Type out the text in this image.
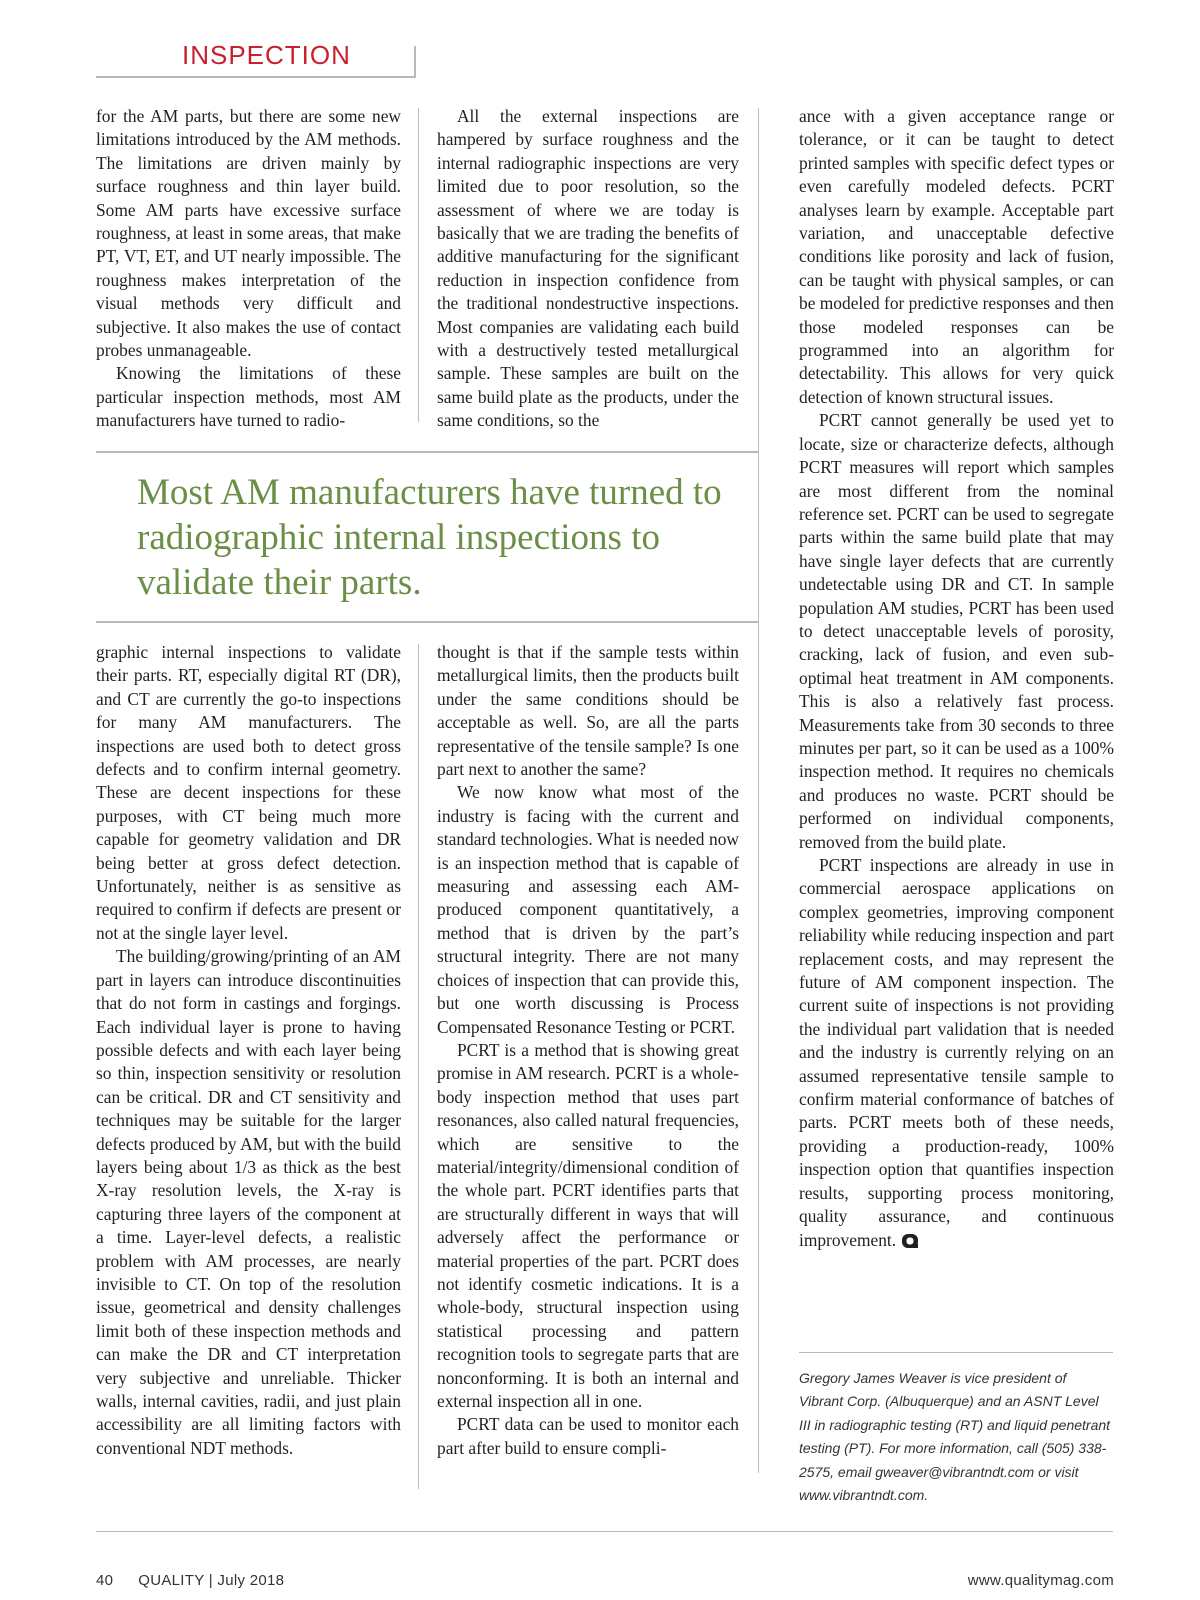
INSPECTION

for the AM parts, but there are some new limitations introduced by the AM methods. The limitations are driven mainly by surface roughness and thin layer build. Some AM parts have excessive surface roughness, at least in some areas, that make PT, VT, ET, and UT nearly impossible. The roughness makes interpretation of the visual methods very difficult and subjective. It also makes the use of contact probes unmanageable.

Knowing the limitations of these particular inspection methods, most AM manufacturers have turned to radio-

All the external inspections are hampered by surface roughness and the internal radiographic inspections are very limited due to poor resolution, so the assessment of where we are today is basically that we are trading the benefits of additive manufacturing for the significant reduction in inspection confidence from the traditional nondestructive inspections. Most companies are validating each build with a destructively tested metallurgical sample. These samples are built on the same build plate as the products, under the same conditions, so the

Most AM manufacturers have turned to radiographic internal inspections to validate their parts.

graphic internal inspections to validate their parts. RT, especially digital RT (DR), and CT are currently the go-to inspections for many AM manufacturers. The inspections are used both to detect gross defects and to confirm internal geometry. These are decent inspections for these purposes, with CT being much more capable for geometry validation and DR being better at gross defect detection. Unfortunately, neither is as sensitive as required to confirm if defects are present or not at the single layer level.

The building/growing/printing of an AM part in layers can introduce discontinuities that do not form in castings and forgings. Each individual layer is prone to having possible defects and with each layer being so thin, inspection sensitivity or resolution can be critical. DR and CT sensitivity and techniques may be suitable for the larger defects produced by AM, but with the build layers being about 1/3 as thick as the best X-ray resolution levels, the X-ray is capturing three layers of the component at a time. Layer-level defects, a realistic problem with AM processes, are nearly invisible to CT. On top of the resolution issue, geometrical and density challenges limit both of these inspection methods and can make the DR and CT interpretation very subjective and unreliable. Thicker walls, internal cavities, radii, and just plain accessibility are all limiting factors with conventional NDT methods.

thought is that if the sample tests within metallurgical limits, then the products built under the same conditions should be acceptable as well. So, are all the parts representative of the tensile sample? Is one part next to another the same?

We now know what most of the industry is facing with the current and standard technologies. What is needed now is an inspection method that is capable of measuring and assessing each AM-produced component quantitatively, a method that is driven by the part’s structural integrity. There are not many choices of inspection that can provide this, but one worth discussing is Process Compensated Resonance Testing or PCRT.

PCRT is a method that is showing great promise in AM research. PCRT is a whole-body inspection method that uses part resonances, also called natural frequencies, which are sensitive to the material/integrity/dimensional condition of the whole part. PCRT identifies parts that are structurally different in ways that will adversely affect the performance or material properties of the part. PCRT does not identify cosmetic indications. It is a whole-body, structural inspection using statistical processing and pattern recognition tools to segregate parts that are nonconforming. It is both an internal and external inspection all in one.

PCRT data can be used to monitor each part after build to ensure compli-

ance with a given acceptance range or tolerance, or it can be taught to detect printed samples with specific defect types or even carefully modeled defects. PCRT analyses learn by example. Acceptable part variation, and unacceptable defective conditions like porosity and lack of fusion, can be taught with physical samples, or can be modeled for predictive responses and then those modeled responses can be programmed into an algorithm for detectability. This allows for very quick detection of known structural issues.

PCRT cannot generally be used yet to locate, size or characterize defects, although PCRT measures will report which samples are most different from the nominal reference set. PCRT can be used to segregate parts within the same build plate that may have single layer defects that are currently undetectable using DR and CT. In sample population AM studies, PCRT has been used to detect unacceptable levels of porosity, cracking, lack of fusion, and even sub-optimal heat treatment in AM components. This is also a relatively fast process. Measurements take from 30 seconds to three minutes per part, so it can be used as a 100% inspection method. It requires no chemicals and produces no waste. PCRT should be performed on individual components, removed from the build plate.

PCRT inspections are already in use in commercial aerospace applications on complex geometries, improving component reliability while reducing inspection and part replacement costs, and may represent the future of AM component inspection. The current suite of inspections is not providing the individual part validation that is needed and the industry is currently relying on an assumed representative tensile sample to confirm material conformance of batches of parts. PCRT meets both of these needs, providing a production-ready, 100% inspection option that quantifies inspection results, supporting process monitoring, quality assurance, and continuous improvement.

Gregory James Weaver is vice president of Vibrant Corp. (Albuquerque) and an ASNT Level III in radiographic testing (RT) and liquid penetrant testing (PT). For more information, call (505) 338- 2575, email gweaver@vibrantndt.com or visit www.vibrantndt.com.
40 QUALITY | July 2018	www.qualitymag.com
